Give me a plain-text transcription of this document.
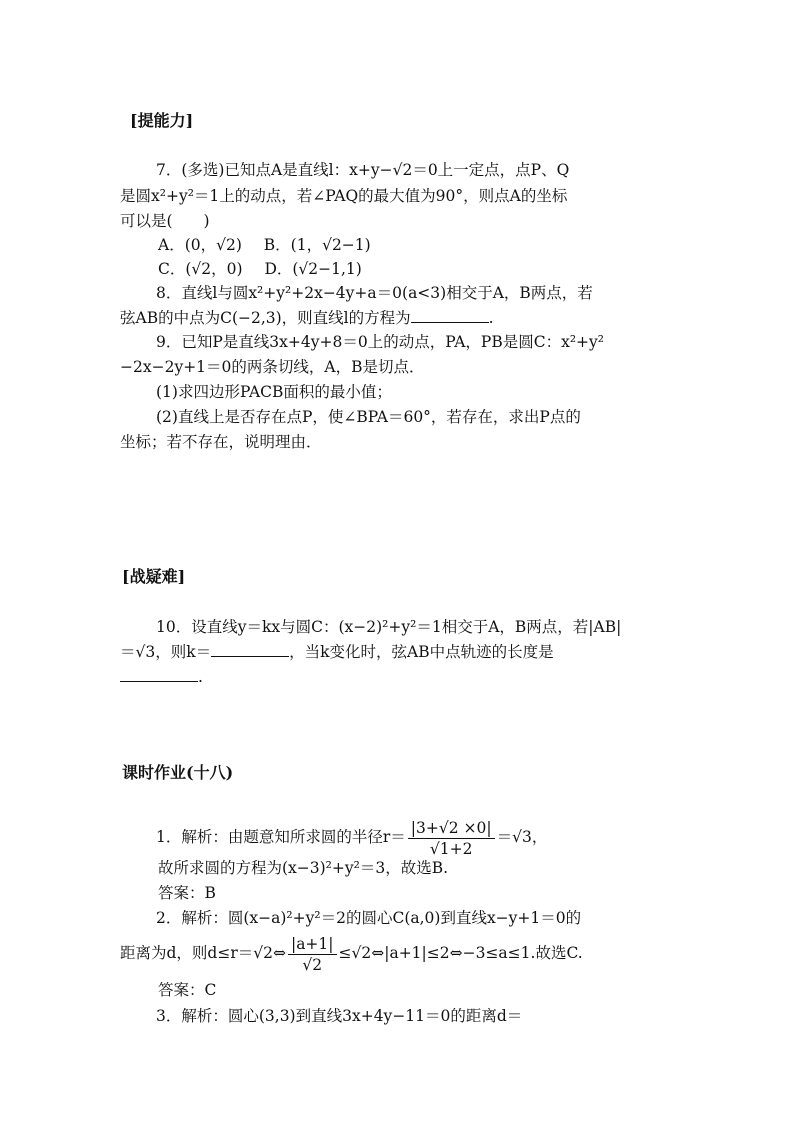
[提能力]
7．(多选)已知点A是直线l：x+y−√2＝0上一定点，点P、Q
是圆x²+y²＝1上的动点，若∠PAQ的最大值为90°，则点A的坐标
可以是(　　)
A．(0，√2) B．(1，√2−1)
C．(√2，0) D．(√2−1,1)
8．直线l与圆x²+y²+2x−4y+a＝0(a<3)相交于A，B两点，若
弦AB的中点为C(−2,3)，则直线l的方程为	.
9．已知P是直线3x+4y+8＝0上的动点，PA，PB是圆C：x²+y²
−2x−2y+1＝0的两条切线，A，B是切点．
(1)求四边形PACB面积的最小值；
(2)直线上是否存在点P，使∠BPA＝60°，若存在，求出P点的
坐标；若不存在，说明理由．
[战疑难]
10．设直线y＝kx与圆C：(x−2)²+y²＝1相交于A，B两点，若|AB|
＝√3，则k＝	，当k变化时，弦AB中点轨迹的长度是
.
课时作业(十八)
1．解析：由题意知所求圆的半径$r= \frac{|3+√2 \times 0|}{√1+2} =√3$，
故所求圆的方程为(x−3)²+y²＝3，故选B.
答案：B
2．解析：圆(x−a)²+y²＝2的圆心C(a,0)到直线x−y+1＝0的
距离为d，则d≤r＝√2⇔ $\frac{|a+1|}{√2}$ ≤√2⇔|a+1|≤2⇔−3≤a≤1.故选C.
答案：C
3．解析：圆心(3,3)到直线3x+4y−11＝0的距离d＝
